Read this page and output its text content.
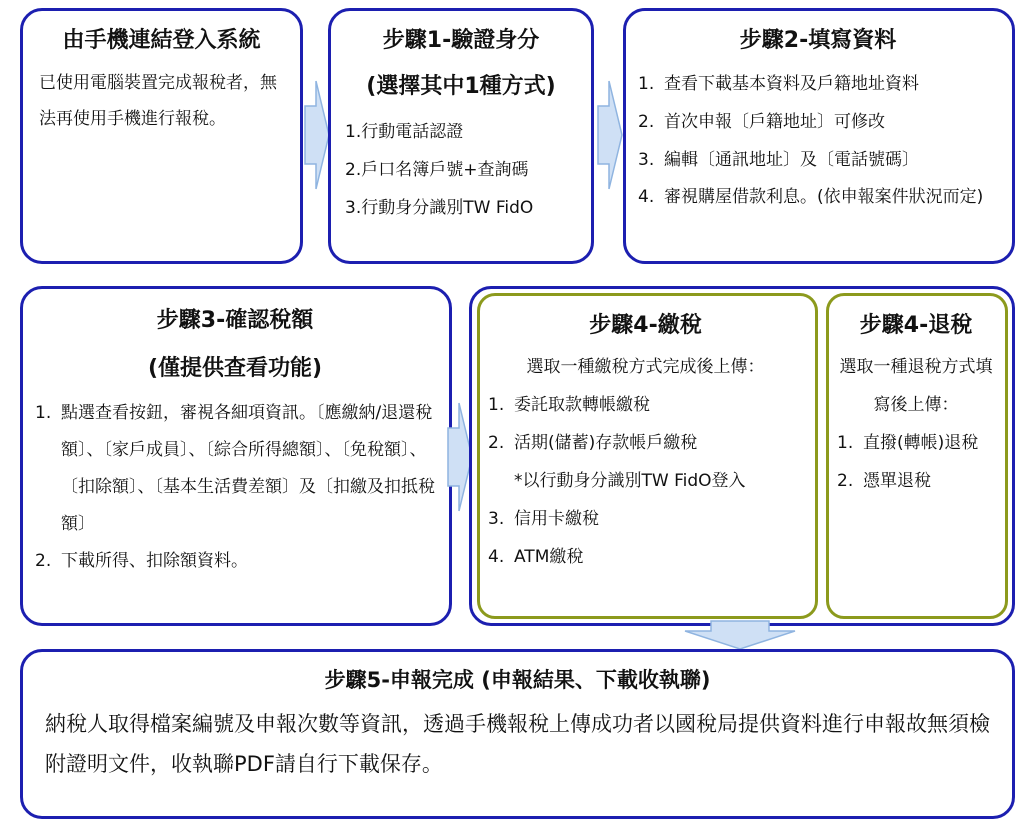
由手機連結登入系統
已使用電腦裝置完成報稅者，無法再使用手機進行報稅。
步驟1-驗證身分
(選擇其中1種方式)
1.行動電話認證
2.戶口名簿戶號+查詢碼
3.行動身分識別TW FidO
步驟2-填寫資料
1. 查看下載基本資料及戶籍地址資料
2. 首次申報〔戶籍地址〕可修改
3. 編輯〔通訊地址〕及〔電話號碼〕
4. 審視購屋借款利息。(依申報案件狀況而定)
步驟3-確認稅額
(僅提供查看功能)
1. 點選查看按鈕，審視各細項資訊。〔應繳納/退還稅額〕、〔家戶成員〕、〔綜合所得總額〕、〔免稅額〕、〔扣除額〕、〔基本生活費差額〕及〔扣繳及扣抵稅額〕
2. 下載所得、扣除額資料。
步驟4-繳稅
選取一種繳稅方式完成後上傳：
1. 委託取款轉帳繳稅
2. 活期(儲蓄)存款帳戶繳稅
*以行動身分識別TW FidO登入
3. 信用卡繳稅
4. ATM繳稅
步驟4-退稅
選取一種退稅方式填寫後上傳：
1. 直撥(轉帳)退稅
2. 憑單退稅
步驟5-申報完成 (申報結果、下載收執聯)
納稅人取得檔案編號及申報次數等資訊，透過手機報稅上傳成功者以國稅局提供資料進行申報故無須檢附證明文件，收執聯PDF請自行下載保存。
